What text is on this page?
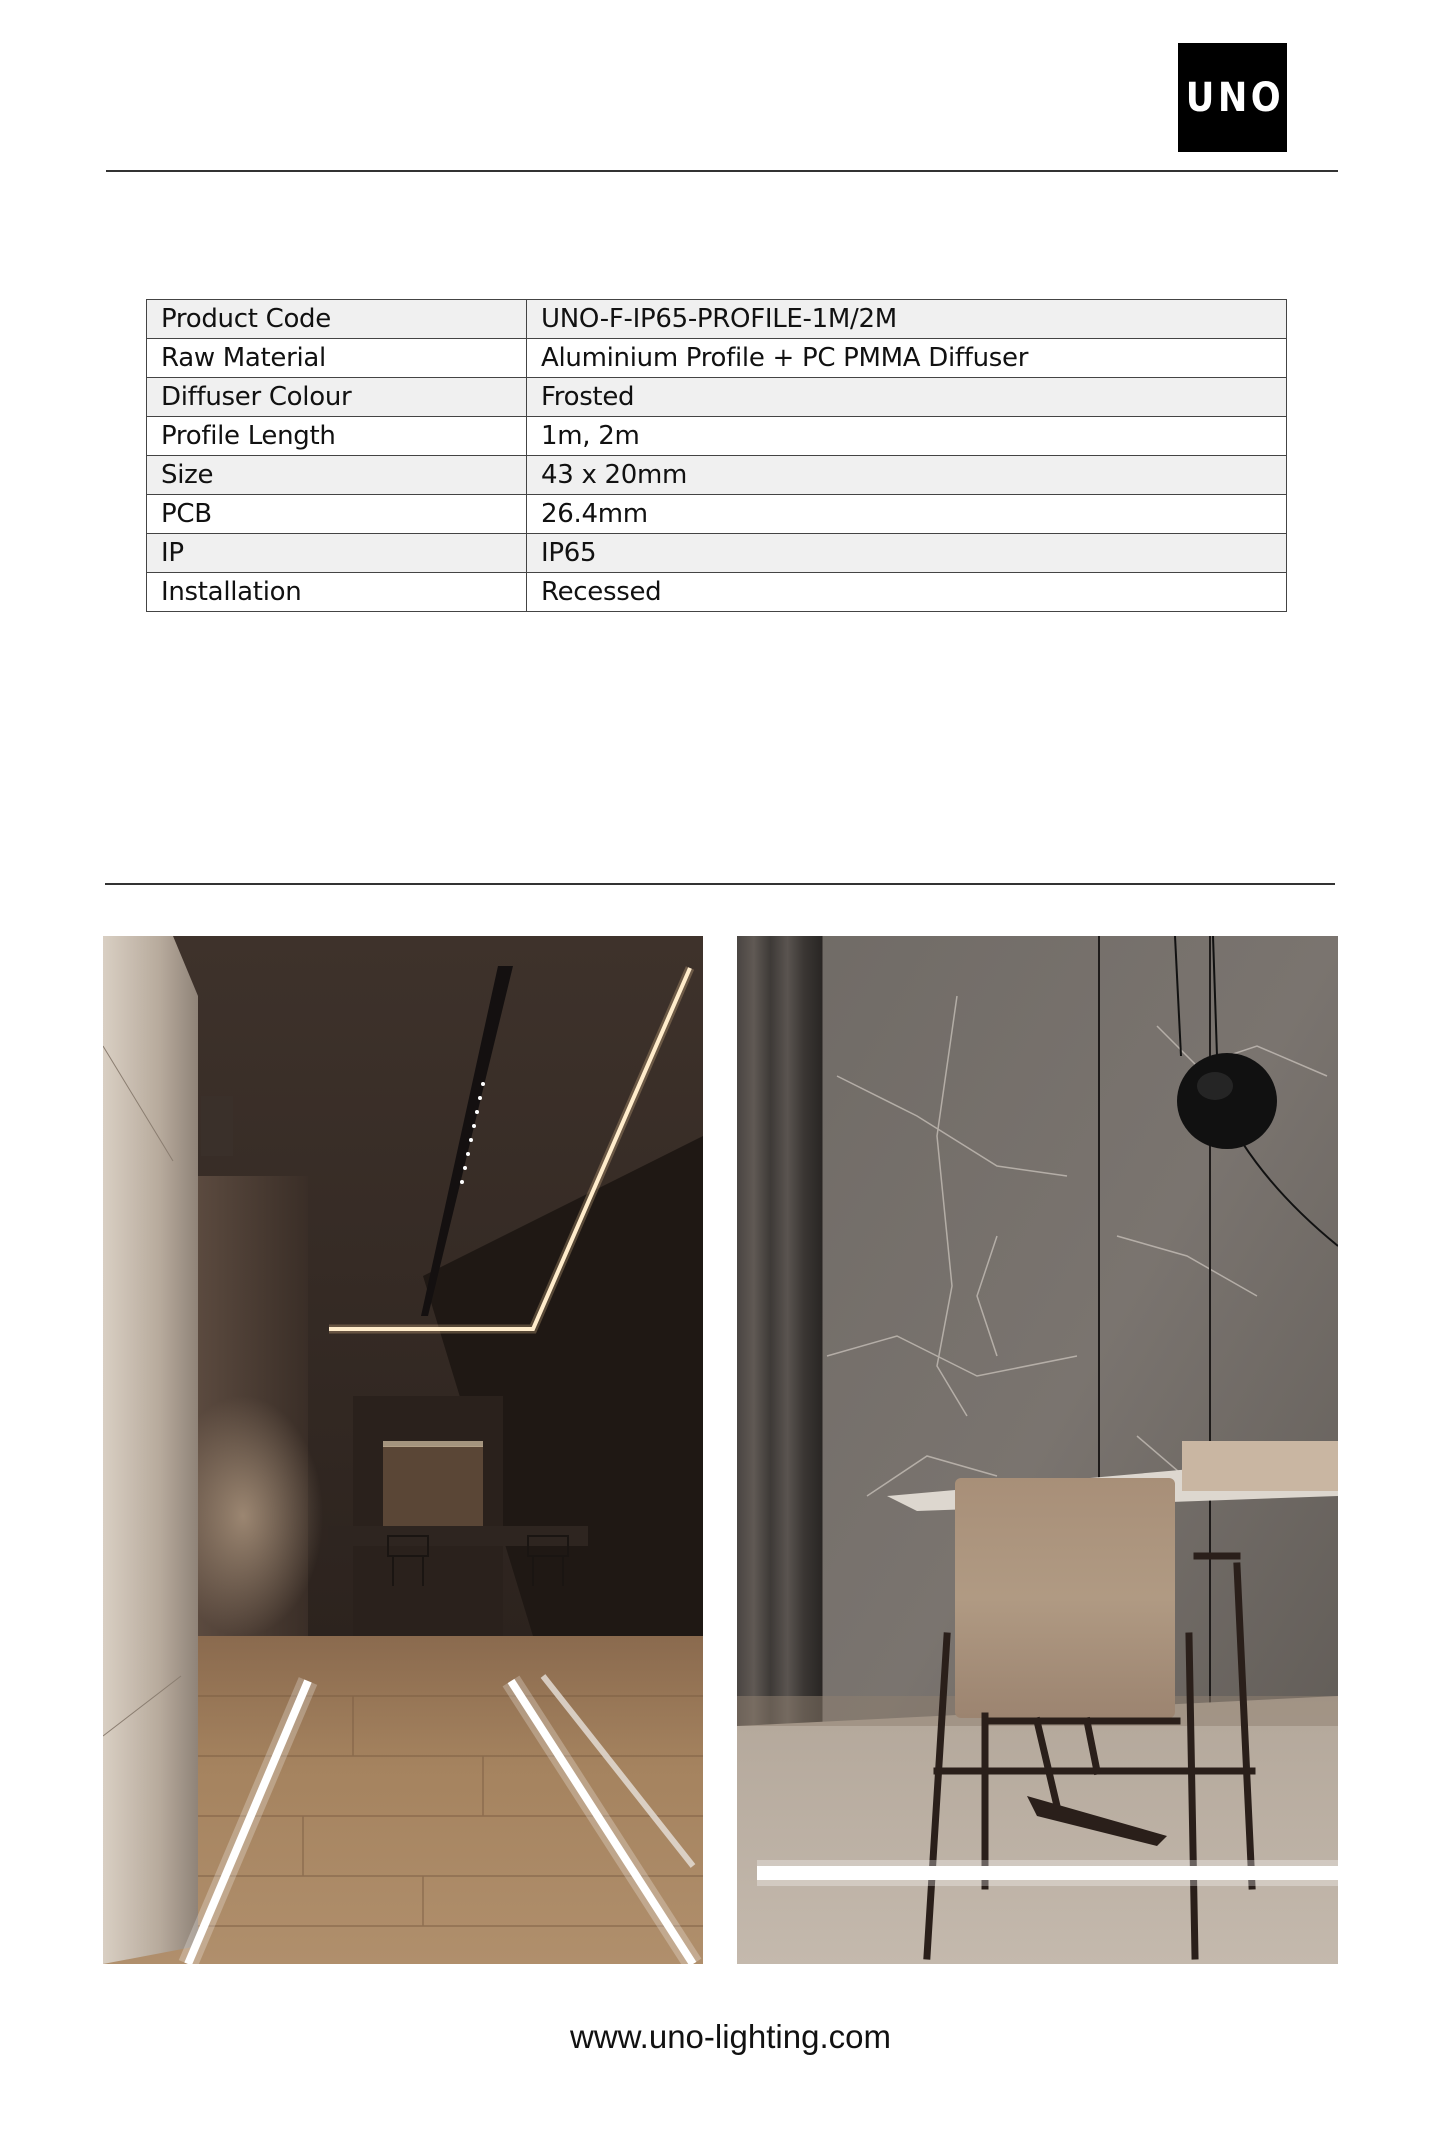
UNO
Product Code	UNO-F-IP65-PROFILE-1M/2M
Raw Material	Aluminium Profile + PC PMMA Diffuser
Diffuser Colour	Frosted
Profile Length	1m, 2m
Size	43 x 20mm
PCB	26.4mm
IP	IP65
Installation	Recessed
www.uno-lighting.com
